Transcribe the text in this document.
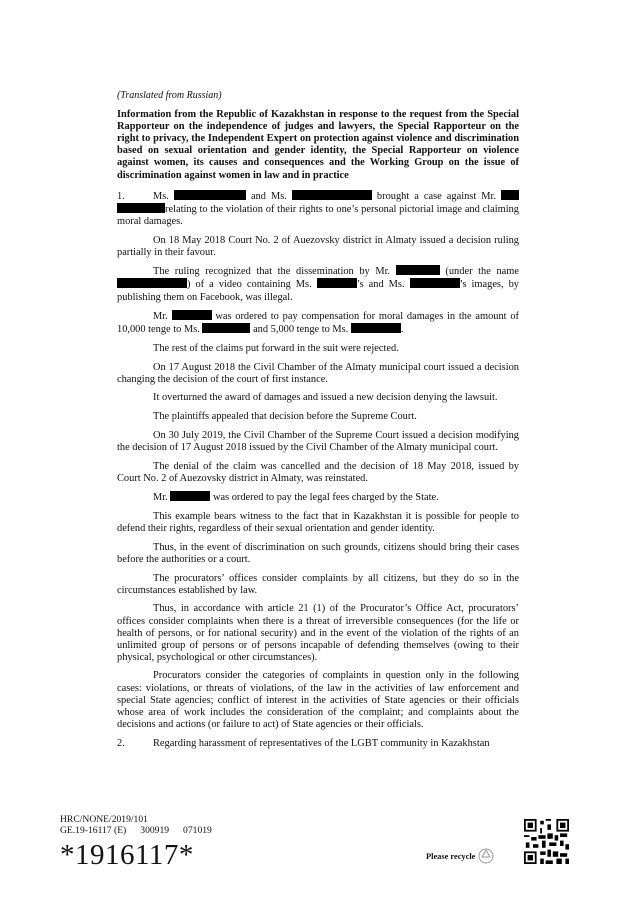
(Translated from Russian)

Information from the Republic of Kazakhstan in response to the request from the Special Rapporteur on the independence of judges and lawyers, the Special Rapporteur on the right to privacy, the Independent Expert on protection against violence and discrimination based on sexual orientation and gender identity, the Special Rapporteur on violence against women, its causes and consequences and the Working Group on the issue of discrimination against women in law and in practice

1.	Ms.	and Ms.	brought a case against Mr.  relating to the violation of their rights to one’s personal pictorial image and claiming moral damages.

On 18 May 2018 Court No. 2 of Auezovsky district in Almaty issued a decision ruling partially in their favour.

The ruling recognized that the dissemination by Mr.	(under the name ) of a video containing Ms.	’s and Ms.	’s images, by publishing them on Facebook, was illegal.

Mr.	was ordered to pay compensation for moral damages in the amount of 10,000 tenge to Ms.	and 5,000 tenge to Ms.	.

The rest of the claims put forward in the suit were rejected.

On 17 August 2018 the Civil Chamber of the Almaty municipal court issued a decision changing the decision of the court of first instance.

It overturned the award of damages and issued a new decision denying the lawsuit.

The plaintiffs appealed that decision before the Supreme Court.

On 30 July 2019, the Civil Chamber of the Supreme Court issued a decision modifying the decision of 17 August 2018 issued by the Civil Chamber of the Almaty municipal court.

The denial of the claim was cancelled and the decision of 18 May 2018, issued by Court No. 2 of Auezovsky district in Almaty, was reinstated.

Mr.	was ordered to pay the legal fees charged by the State.

This example bears witness to the fact that in Kazakhstan it is possible for people to defend their rights, regardless of their sexual orientation and gender identity.

Thus, in the event of discrimination on such grounds, citizens should bring their cases before the authorities or a court.

The procurators’ offices consider complaints by all citizens, but they do so in the circumstances established by law.

Thus, in accordance with article 21 (1) of the Procurator’s Office Act, procurators’ offices consider complaints when there is a threat of irreversible consequences (for the life or health of persons, or for national security) and in the event of the violation of the rights of an unlimited group of persons or of persons incapable of defending themselves (owing to their physical, psychological or other circumstances).

Procurators consider the categories of complaints in question only in the following cases: violations, or threats of violations, of the law in the activities of law enforcement and special State agencies; conflict of interest in the activities of State agencies or their officials whose area of work includes the consideration of the complaint; and complaints about the decisions and actions (or failure to act) of State agencies or their officials.

2.	Regarding harassment of representatives of the LGBT community in Kazakhstan

HRC/NONE/2019/101
GE.19-16117 (E) 300919 071019
*1916117*	Please recycle
